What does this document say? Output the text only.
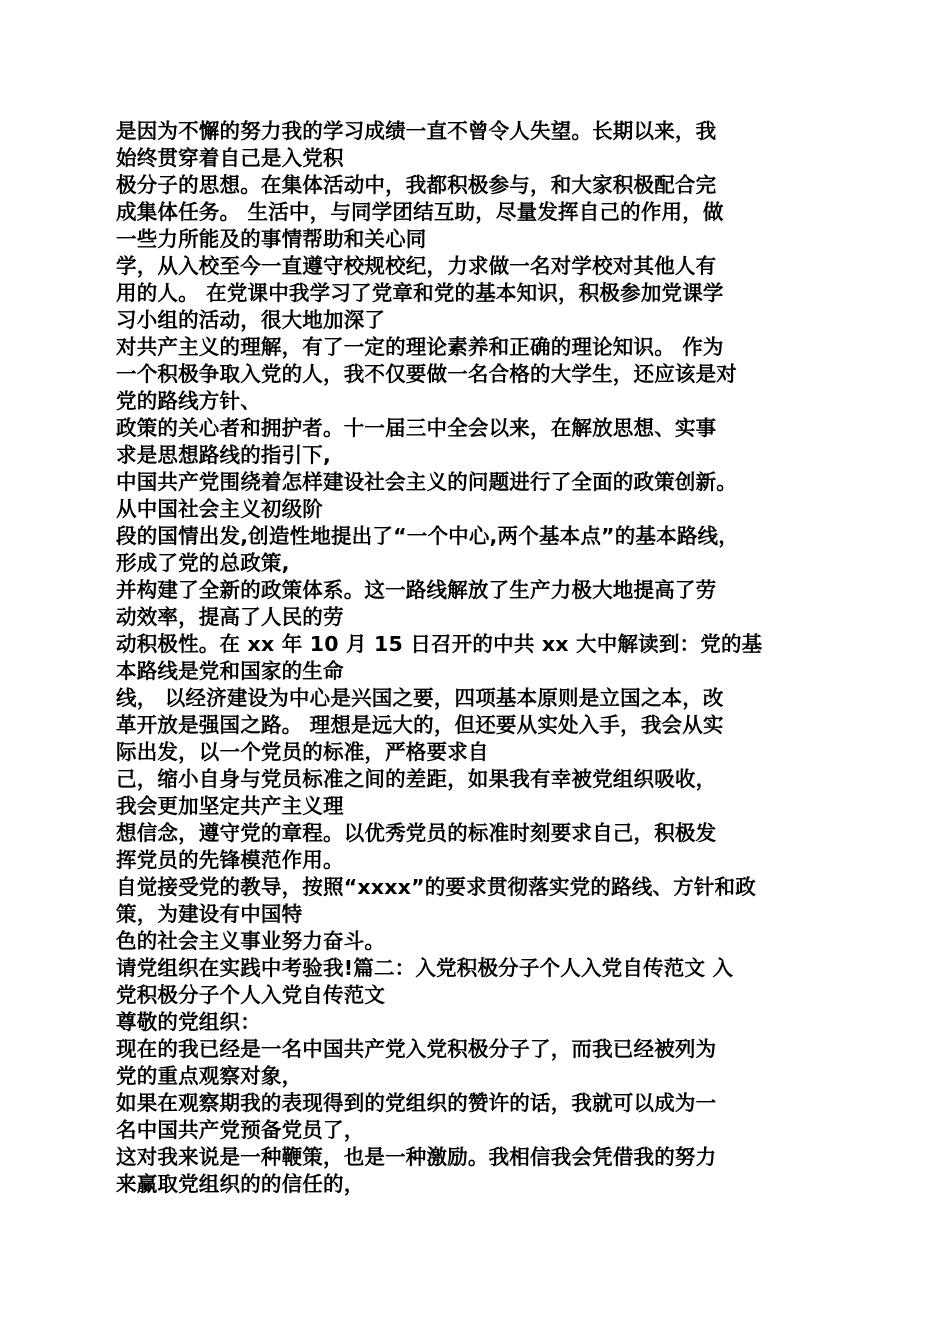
是因为不懈的努力我的学习成绩一直不曾令人失望。长期以来，我
始终贯穿着自己是入党积
极分子的思想。在集体活动中，我都积极参与，和大家积极配合完
成集体任务。 生活中，与同学团结互助，尽量发挥自己的作用，做
一些力所能及的事情帮助和关心同
学，从入校至今一直遵守校规校纪，力求做一名对学校对其他人有
用的人。 在党课中我学习了党章和党的基本知识，积极参加党课学
习小组的活动，很大地加深了
对共产主义的理解，有了一定的理论素养和正确的理论知识。 作为
一个积极争取入党的人，我不仅要做一名合格的大学生，还应该是对
党的路线方针、
政策的关心者和拥护者。十一届三中全会以来，在解放思想、实事
求是思想路线的指引下,
中国共产党围绕着怎样建设社会主义的问题进行了全面的政策创新。
从中国社会主义初级阶
段的国情出发,创造性地提出了“一个中心,两个基本点”的基本路线，
形成了党的总政策,
并构建了全新的政策体系。这一路线解放了生产力极大地提高了劳
动效率，提高了人民的劳
动积极性。在 xx 年 10 月 15 日召开的中共 xx 大中解读到：党的基
本路线是党和国家的生命
线， 以经济建设为中心是兴国之要，四项基本原则是立国之本，改
革开放是强国之路。 理想是远大的，但还要从实处入手，我会从实
际出发，以一个党员的标准，严格要求自
己，缩小自身与党员标准之间的差距，如果我有幸被党组织吸收，
我会更加坚定共产主义理
想信念，遵守党的章程。以优秀党员的标准时刻要求自己，积极发
挥党员的先锋模范作用。
自觉接受党的教导，按照“xxxx”的要求贯彻落实党的路线、方针和政
策，为建设有中国特
色的社会主义事业努力奋斗。
请党组织在实践中考验我!篇二：入党积极分子个人入党自传范文 入
党积极分子个人入党自传范文
尊敬的党组织：
现在的我已经是一名中国共产党入党积极分子了，而我已经被列为
党的重点观察对象，
如果在观察期我的表现得到的党组织的赞许的话，我就可以成为一
名中国共产党预备党员了，
这对我来说是一种鞭策，也是一种激励。我相信我会凭借我的努力
来赢取党组织的的信任的，
